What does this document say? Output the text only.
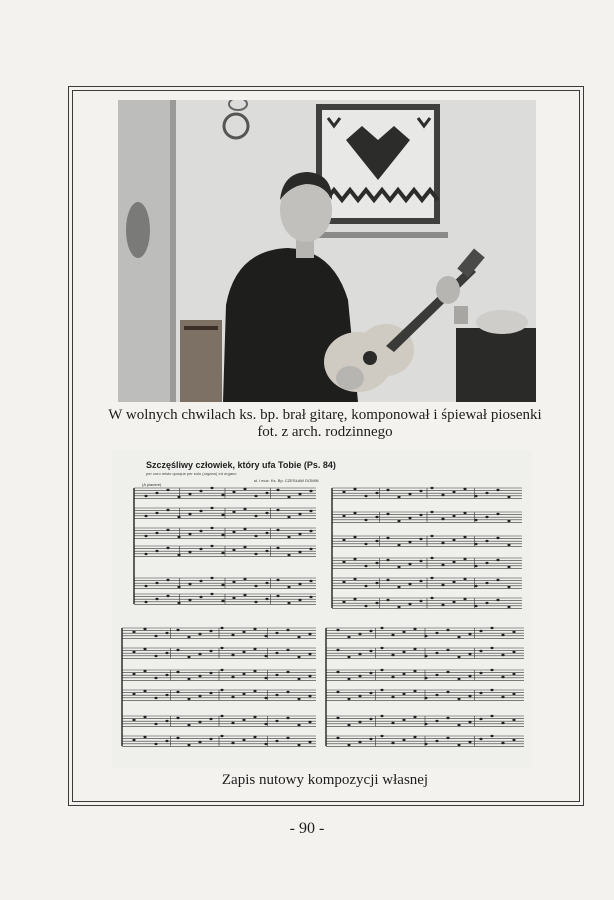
W wolnych chwilach ks. bp. brał gitarę, komponował i śpiewał piosenki
fot. z arch. rodzinnego
Szczęśliwy człowiek, który ufa Tobie (Ps. 84)
per coro misto quoque per solo (organo) ed organo
sł. i muz. Ks. Bp. CZESŁAW DOMIN
(A piacere)
Zapis nutowy kompozycji własnej
- 90 -
